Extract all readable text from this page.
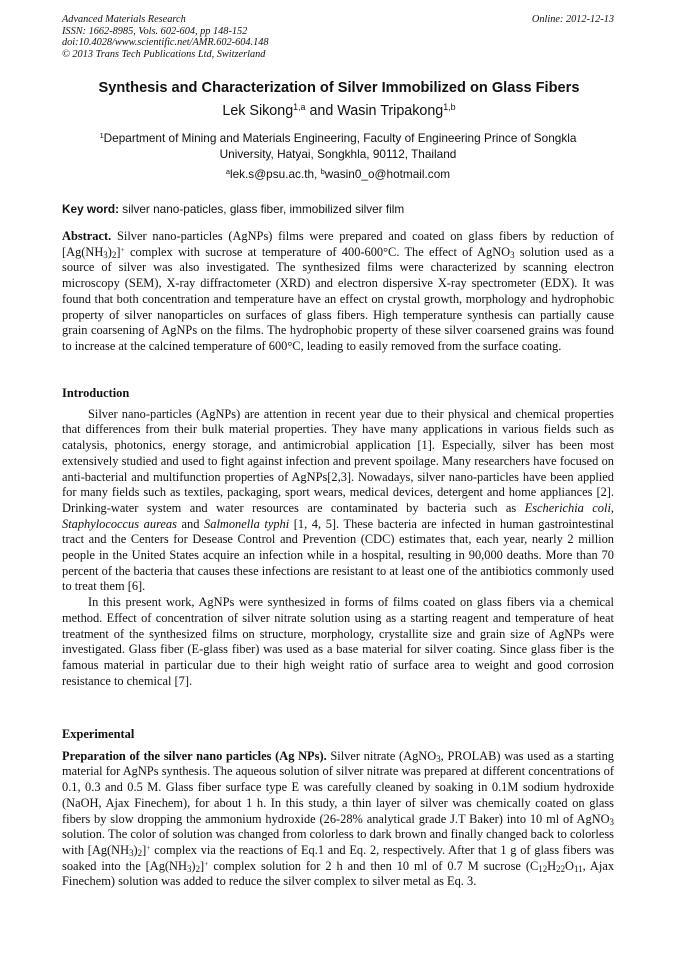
Advanced Materials Research
ISSN: 1662-8985, Vols. 602-604, pp 148-152
doi:10.4028/www.scientific.net/AMR.602-604.148
© 2013 Trans Tech Publications Ltd, Switzerland
Online: 2012-12-13
Synthesis and Characterization of Silver Immobilized on Glass Fibers
Lek Sikong$^{1,a}$ and Wasin Tripakong$^{1,b}$
$^1$Department of Mining and Materials Engineering, Faculty of Engineering Prince of Songkla
University, Hatyai, Songkhla, 90112, Thailand
$^a$lek.s@psu.ac.th, $^b$wasin0_o@hotmail.com
Key word: silver nano-paticles, glass fiber, immobilized silver film

Abstract. Silver nano-particles (AgNPs) films were prepared and coated on glass fibers by reduction of $[Ag(NH_3)_2]^+$ complex with sucrose at temperature of 400-600°C. The effect of AgNO$_3$ solution used as a source of silver was also investigated. The synthesized films were characterized by scanning electron microscopy (SEM), X-ray diffractometer (XRD) and electron dispersive X-ray spectrometer (EDX). It was found that both concentration and temperature have an effect on crystal growth, morphology and hydrophobic property of silver nanoparticles on surfaces of glass fibers. High temperature synthesis can partially cause grain coarsening of AgNPs on the films. The hydrophobic property of these silver coarsened grains was found to increase at the calcined temperature of 600°C, leading to easily removed from the surface coating.

Introduction

Silver nano-particles (AgNPs) are attention in recent year due to their physical and chemical properties that differences from their bulk material properties. They have many applications in various fields such as catalysis, photonics, energy storage, and antimicrobial application [1]. Especially, silver has been most extensively studied and used to fight against infection and prevent spoilage. Many researchers have focused on anti-bacterial and multifunction properties of AgNPs[2,3]. Nowadays, silver nano-particles have been applied for many fields such as textiles, packaging, sport wears, medical devices, detergent and home appliances [2]. Drinking-water system and water resources are contaminated by bacteria such as Escherichia coli, Staphylococcus aureas and Salmonella typhi [1, 4, 5]. These bacteria are infected in human gastrointestinal tract and the Centers for Desease Control and Prevention (CDC) estimates that, each year, nearly 2 million people in the United States acquire an infection while in a hospital, resulting in 90,000 deaths. More than 70 percent of the bacteria that causes these infections are resistant to at least one of the antibiotics commonly used to treat them [6].

In this present work, AgNPs were synthesized in forms of films coated on glass fibers via a chemical method. Effect of concentration of silver nitrate solution using as a starting reagent and temperature of heat treatment of the synthesized films on structure, morphology, crystallite size and grain size of AgNPs were investigated. Glass fiber (E-glass fiber) was used as a base material for silver coating. Since glass fiber is the famous material in particular due to their high weight ratio of surface area to weight and good corrosion resistance to chemical [7].

Experimental

Preparation of the silver nano particles (Ag NPs). Silver nitrate (AgNO$_3$, PROLAB) was used as a starting material for AgNPs synthesis. The aqueous solution of silver nitrate was prepared at different concentrations of 0.1, 0.3 and 0.5 M. Glass fiber surface type E was carefully cleaned by soaking in 0.1M sodium hydroxide (NaOH, Ajax Finechem), for about 1 h. In this study, a thin layer of silver was chemically coated on glass fibers by slow dropping the ammonium hydroxide (26-28% analytical grade J.T Baker) into 10 ml of AgNO$_3$ solution. The color of solution was changed from colorless to dark brown and finally changed back to colorless with $[Ag(NH_3)_2]^+$ complex via the reactions of Eq.1 and Eq. 2, respectively. After that 1 g of glass fibers was soaked into the $[Ag(NH_3)_2]^+$ complex solution for 2 h and then 10 ml of 0.7 M sucrose ($C_{12}H_{22}O_{11}$, Ajax Finechem) solution was added to reduce the silver complex to silver metal as Eq. 3.
